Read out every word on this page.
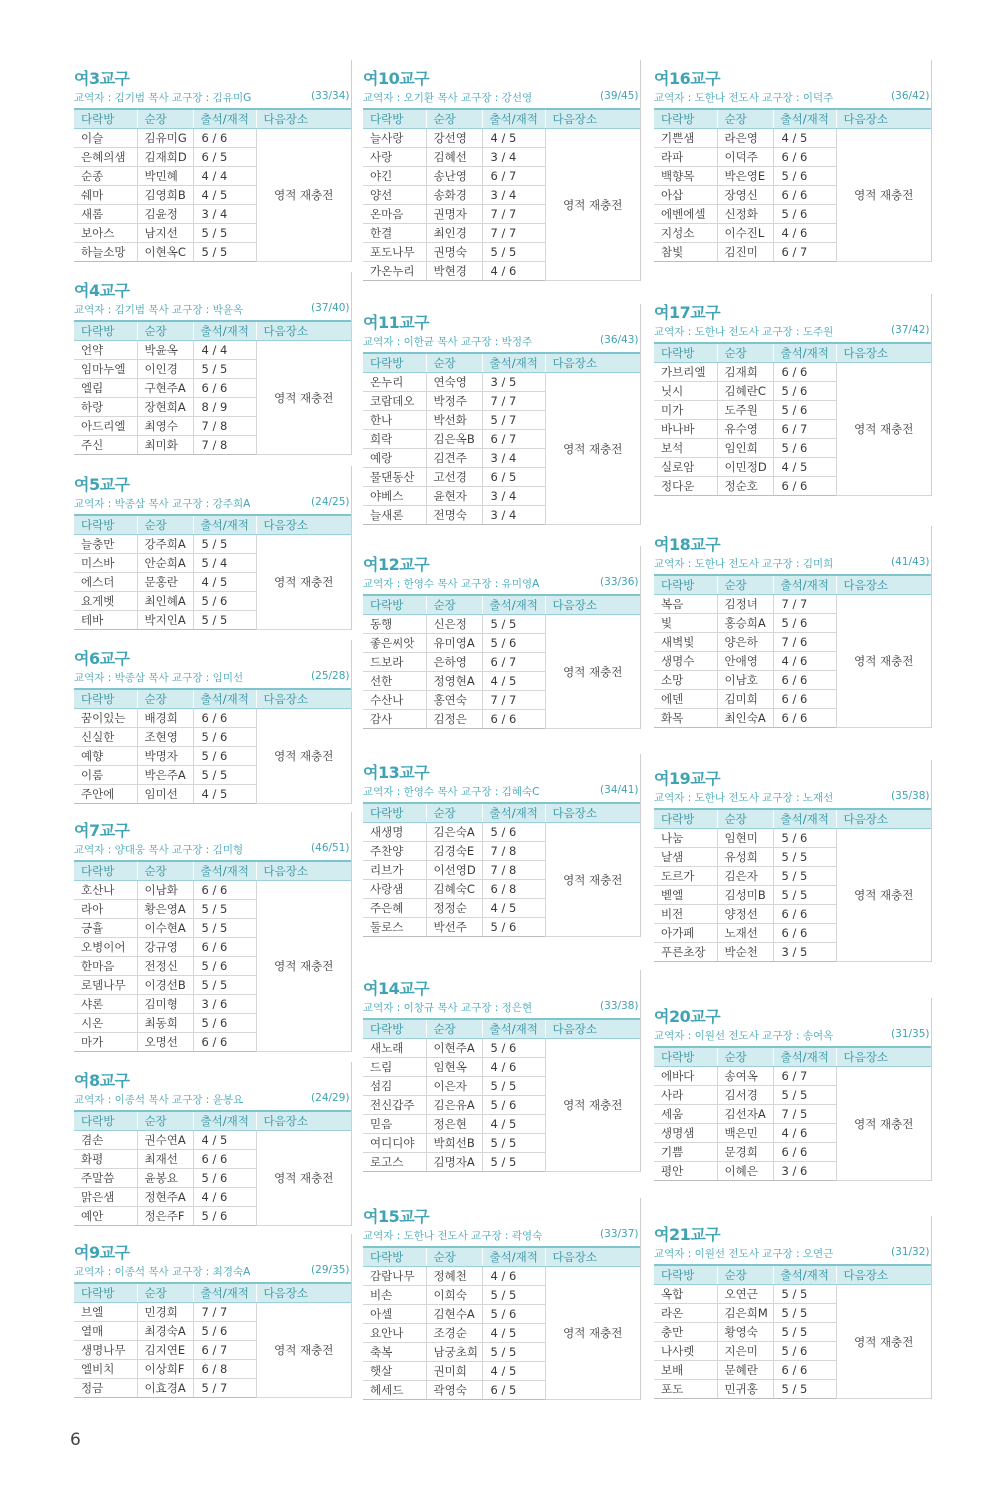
여3교구
교역자 : 김기범 목사 교구장 : 김유미G	(33/34)
다락방	순장	출석/재적	다음장소
이슬	김유미G	6 / 6	영적 재충전
은혜의샘	김재희D	6 / 5	
순종	박민혜	4 / 4	
쉐마	김영희B	4 / 5	
새롬	김윤정	3 / 4	
보아스	남지선	5 / 5	
하늘소망	이현옥C	5 / 5	
여4교구
교역자 : 김기범 목사 교구장 : 박윤옥	(37/40)
다락방	순장	출석/재적	다음장소
언약	박윤옥	4 / 4	영적 재충전
임마누엘	이인경	5 / 5	
엘림	구현주A	6 / 6	
하랑	장현희A	8 / 9	
아드리엘	최영수	7 / 8	
주신	최미화	7 / 8	
여5교구
교역자 : 박종삼 목사 교구장 : 강주희A	(24/25)
다락방	순장	출석/재적	다음장소
늘충만	강주희A	5 / 5	영적 재충전
미스바	안순희A	5 / 4	
에스더	문홍란	4 / 5	
요게벳	최인혜A	5 / 6	
테바	박지인A	5 / 5	
여6교구
교역자 : 박종삼 목사 교구장 : 임미선	(25/28)
다락방	순장	출석/재적	다음장소
꿈이있는	배경희	6 / 6	영적 재충전
신실한	조현영	5 / 6	
예향	박명자	5 / 6	
이룸	박은주A	5 / 5	
주안에	임미선	4 / 5	
여7교구
교역자 : 양대웅 목사 교구장 : 김미형	(46/51)
다락방	순장	출석/재적	다음장소
호산나	이남화	6 / 6	영적 재충전
라아	황은영A	5 / 5	
긍휼	이수현A	5 / 5	
오병이어	강규영	6 / 6	
한마음	전정신	5 / 6	
로뎀나무	이경선B	5 / 5	
샤론	김미형	3 / 6	
시온	최동희	5 / 6	
마가	오명선	6 / 6	
여8교구
교역자 : 이종석 목사 교구장 : 윤봉요	(24/29)
다락방	순장	출석/재적	다음장소
겸손	권수연A	4 / 5	영적 재충전
화평	최재선	6 / 6	
주말씀	윤봉요	5 / 6	
맑은샘	정현주A	4 / 6	
예안	정은주F	5 / 6	
여9교구
교역자 : 이종석 목사 교구장 : 최경숙A	(29/35)
다락방	순장	출석/재적	다음장소
브엘	민경희	7 / 7	영적 재충전
열매	최경숙A	5 / 6	
생명나무	김지연E	6 / 7	
엘비치	이상희F	6 / 8	
정금	이효경A	5 / 7	
여10교구
교역자 : 오기환 목사 교구장 : 강선영	(39/45)
다락방	순장	출석/재적	다음장소
늘사랑	강선영	4 / 5	영적 재충전
사랑	김혜선	3 / 4	
야긴	송난영	6 / 7	
양선	송화경	3 / 4	
온마음	권명자	7 / 7	
한결	최인경	7 / 7	
포도나무	권명숙	5 / 5	
가온누리	박현경	4 / 6	
여11교구
교역자 : 이한균 목사 교구장 : 박정주	(36/43)
다락방	순장	출석/재적	다음장소
온누리	연숙영	3 / 5	영적 재충전
코람데오	박정주	7 / 7	
한나	박선화	5 / 7	
희락	김은옥B	6 / 7	
예랑	김견주	3 / 4	
물댄동산	고선경	6 / 5	
야베스	윤현자	3 / 4	
늘새론	전명숙	3 / 4	
여12교구
교역자 : 한영수 목사 교구장 : 유미영A	(33/36)
다락방	순장	출석/재적	다음장소
동행	신은정	5 / 5	영적 재충전
좋은씨앗	유미영A	5 / 6	
드보라	은하영	6 / 7	
선한	정영현A	4 / 5	
수산나	홍연숙	7 / 7	
감사	김정은	6 / 6	
여13교구
교역자 : 한영수 목사 교구장 : 김혜숙C	(34/41)
다락방	순장	출석/재적	다음장소
새생명	김은숙A	5 / 6	영적 재충전
주찬양	김경숙E	7 / 8	
리브가	이선영D	7 / 8	
사랑샘	김혜숙C	6 / 8	
주은혜	정정순	4 / 5	
둘로스	박선주	5 / 6	
여14교구
교역자 : 이창규 목사 교구장 : 정은현	(33/38)
다락방	순장	출석/재적	다음장소
새노래	이현주A	5 / 6	영적 재충전
드림	임현옥	4 / 6	
섬김	이은자	5 / 5	
전신갑주	김은유A	5 / 6	
믿음	정은현	4 / 5	
여디디야	박희선B	5 / 5	
로고스	김명자A	5 / 5	
여15교구
교역자 : 도한나 전도사 교구장 : 곽영숙	(33/37)
다락방	순장	출석/재적	다음장소
감람나무	정혜천	4 / 6	영적 재충전
비손	이희숙	5 / 5	
아셀	김현수A	5 / 6	
요안나	조경순	4 / 5	
축복	남궁초희	5 / 5	
햇살	권미희	4 / 5	
헤세드	곽영숙	6 / 5	
여16교구
교역자 : 도한나 전도사 교구장 : 이덕주	(36/42)
다락방	순장	출석/재적	다음장소
기쁜샘	라은영	4 / 5	영적 재충전
라파	이덕주	6 / 6	
백향목	박은영E	5 / 6	
아삽	장영신	6 / 6	
에벤에셀	신정화	5 / 6	
지성소	이수진L	4 / 6	
참빛	김진미	6 / 7	
여17교구
교역자 : 도한나 전도사 교구장 : 도주원	(37/42)
다락방	순장	출석/재적	다음장소
가브리엘	김재희	6 / 6	영적 재충전
닛시	김혜란C	5 / 6	
미가	도주원	5 / 6	
바나바	유수영	6 / 7	
보석	임인희	5 / 6	
실로암	이민정D	4 / 5	
정다운	정순호	6 / 6	
여18교구
교역자 : 도한나 전도사 교구장 : 김미희	(41/43)
다락방	순장	출석/재적	다음장소
복음	김정녀	7 / 7	영적 재충전
빛	홍승희A	5 / 6	
새벽빛	양은하	7 / 6	
생명수	안애영	4 / 6	
소망	이남호	6 / 6	
에덴	김미희	6 / 6	
화목	최인숙A	6 / 6	
여19교구
교역자 : 도한나 전도사 교구장 : 노재선	(35/38)
다락방	순장	출석/재적	다음장소
나눔	임현미	5 / 6	영적 재충전
날샘	유성희	5 / 5	
도르가	김은자	5 / 5	
벧엘	김성미B	5 / 5	
비전	양정선	6 / 6	
아가페	노재선	6 / 6	
푸른초장	박순천	3 / 5	
여20교구
교역자 : 이원선 전도사 교구장 : 송여옥	(31/35)
다락방	순장	출석/재적	다음장소
에바다	송여옥	6 / 7	영적 재충전
사라	김서경	5 / 5	
세움	김선자A	7 / 5	
생명샘	백은민	4 / 6	
기쁨	문경희	6 / 6	
평안	이혜은	3 / 6	
여21교구
교역자 : 이원선 전도사 교구장 : 오연근	(31/32)
다락방	순장	출석/재적	다음장소
옥합	오연근	5 / 5	영적 재충전
라온	김은희M	5 / 5	
충만	황영숙	5 / 5	
나사렛	지은미	5 / 6	
보배	문혜란	6 / 6	
포도	민귀홍	5 / 5	
6
